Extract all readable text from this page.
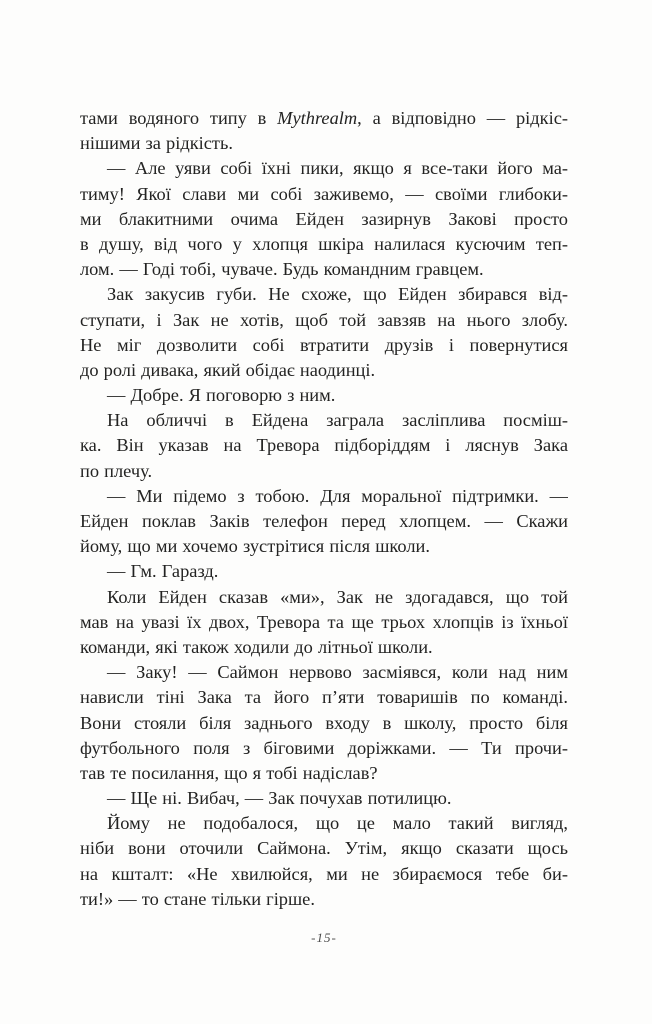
тами водяного типу в Mythrealm, а відповідно — рідкіс-
нішими за рідкість.
— Але уяви собі їхні пики, якщо я все-таки його ма-
тиму! Якої слави ми собі заживемо, — своїми глибоки-
ми блакитними очима Ейден зазирнув Закові просто
в душу, від чого у хлопця шкіра налилася кусючим теп-
лом. — Годі тобі, чуваче. Будь командним гравцем.
Зак закусив губи. Не схоже, що Ейден збирався від-
ступати, і Зак не хотів, щоб той завзяв на нього злобу.
Не міг дозволити собі втратити друзів і повернутися
до ролі дивака, який обідає наодинці.
— Добре. Я поговорю з ним.
На обличчі в Ейдена заграла засліплива посміш-
ка. Він указав на Тревора підборіддям і ляснув Зака
по плечу.
— Ми підемо з тобою. Для моральної підтримки. —
Ейден поклав Заків телефон перед хлопцем. — Скажи
йому, що ми хочемо зустрітися після школи.
— Гм. Гаразд.
Коли Ейден сказав «ми», Зак не здогадався, що той
мав на увазі їх двох, Тревора та ще трьох хлопців із їхньої
команди, які також ходили до літньої школи.
— Заку! — Саймон нервово засміявся, коли над ним
нависли тіні Зака та його п’яти товаришів по команді.
Вони стояли біля заднього входу в школу, просто біля
футбольного поля з біговими доріжками. — Ти прочи-
тав те посилання, що я тобі надіслав?
— Ще ні. Вибач, — Зак почухав потилицю.
Йому не подобалося, що це мало такий вигляд,
ніби вони оточили Саймона. Утім, якщо сказати щось
на кшталт: «Не хвилюйся, ми не збираємося тебе би-
ти!» — то стане тільки гірше.
-15-
